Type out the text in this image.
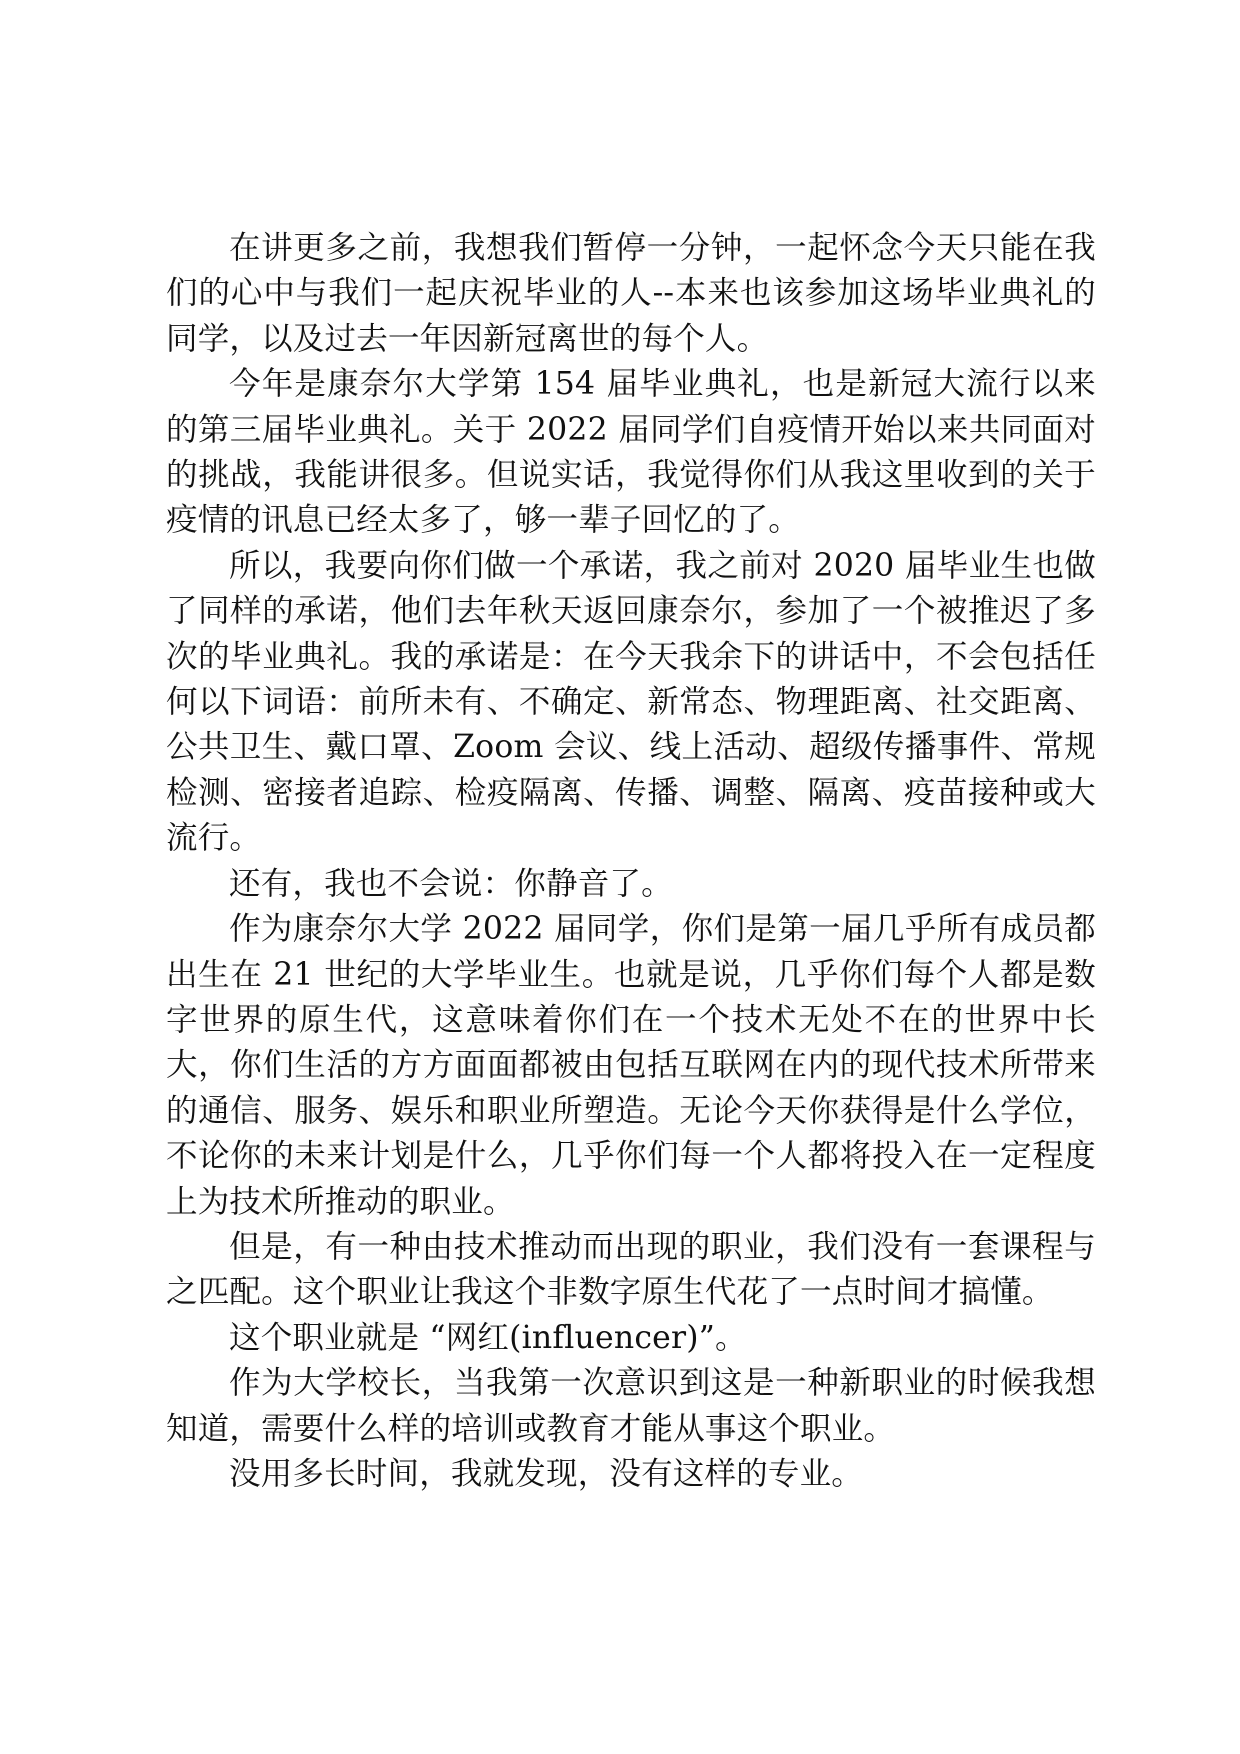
在讲更多之前，我想我们暂停一分钟，一起怀念今天只能在我们的心中与我们一起庆祝毕业的人--本来也该参加这场毕业典礼的同学，以及过去一年因新冠离世的每个人。

今年是康奈尔大学第 154 届毕业典礼，也是新冠大流行以来的第三届毕业典礼。关于 2022 届同学们自疫情开始以来共同面对的挑战，我能讲很多。但说实话，我觉得你们从我这里收到的关于疫情的讯息已经太多了，够一辈子回忆的了。

所以，我要向你们做一个承诺，我之前对 2020 届毕业生也做了同样的承诺，他们去年秋天返回康奈尔，参加了一个被推迟了多次的毕业典礼。我的承诺是：在今天我余下的讲话中，不会包括任何以下词语：前所未有、不确定、新常态、物理距离、社交距离、公共卫生、戴口罩、Zoom 会议、线上活动、超级传播事件、常规检测、密接者追踪、检疫隔离、传播、调整、隔离、疫苗接种或大流行。

还有，我也不会说：你静音了。

作为康奈尔大学 2022 届同学，你们是第一届几乎所有成员都出生在 21 世纪的大学毕业生。也就是说，几乎你们每个人都是数字世界的原生代，这意味着你们在一个技术无处不在的世界中长大，你们生活的方方面面都被由包括互联网在内的现代技术所带来的通信、服务、娱乐和职业所塑造。无论今天你获得是什么学位，不论你的未来计划是什么，几乎你们每一个人都将投入在一定程度上为技术所推动的职业。

但是，有一种由技术推动而出现的职业，我们没有一套课程与之匹配。这个职业让我这个非数字原生代花了一点时间才搞懂。

这个职业就是 “网红(influencer)”。

作为大学校长，当我第一次意识到这是一种新职业的时候我想知道，需要什么样的培训或教育才能从事这个职业。

没用多长时间，我就发现，没有这样的专业。
